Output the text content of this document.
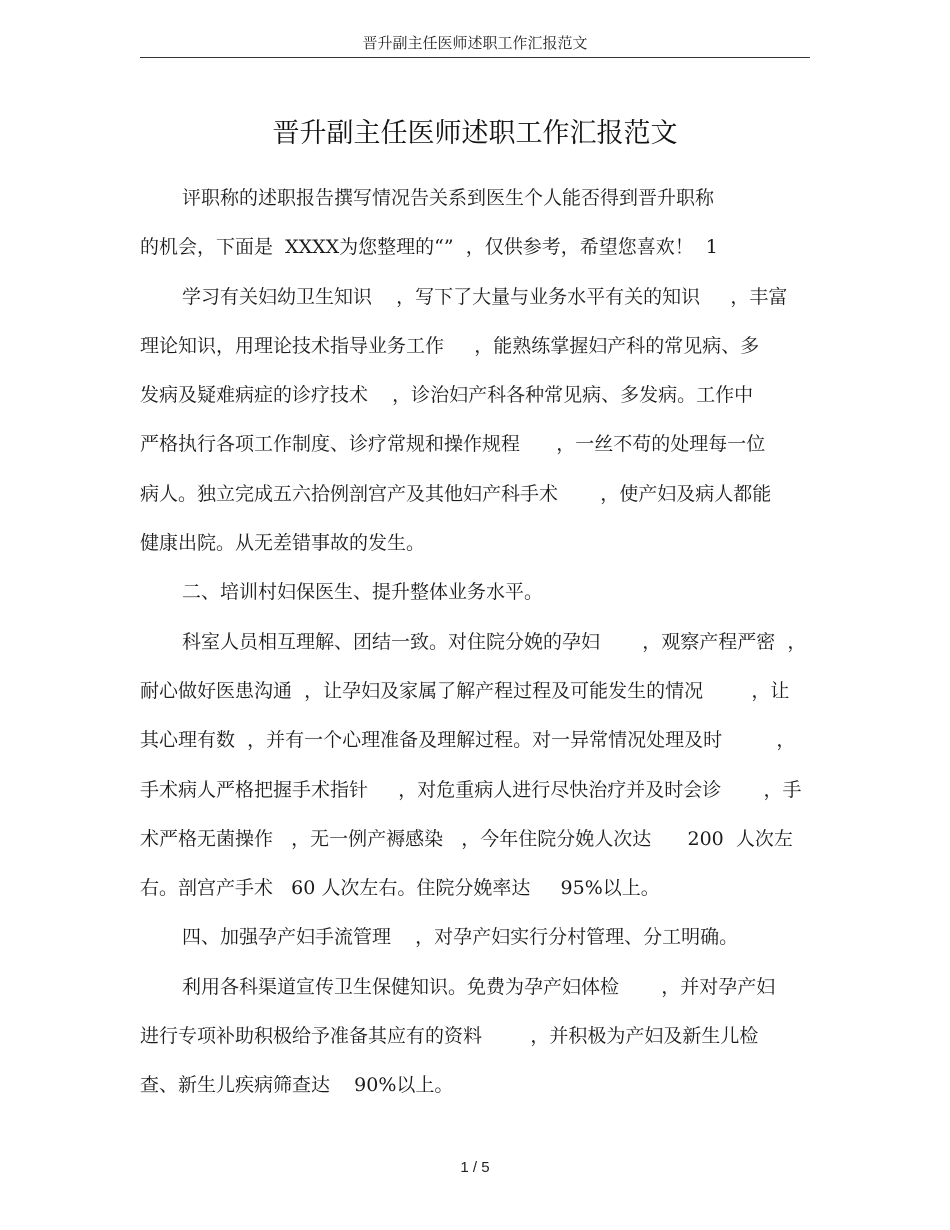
晋升副主任医师述职工作汇报范文
晋升副主任医师述职工作汇报范文
评职称的述职报告撰写情况告关系到医生个人能否得到晋升职称
的机会，下面是  XXXX为您整理的“”  ，仅供参考，希望您喜欢！  1
学习有关妇幼卫生知识    ，写下了大量与业务水平有关的知识     ，丰富
理论知识，用理论技术指导业务工作     ，能熟练掌握妇产科的常见病、多
发病及疑难病症的诊疗技术    ，诊治妇产科各种常见病、多发病。工作中
严格执行各项工作制度、诊疗常规和操作规程      ，一丝不苟的处理每一位
病人。独立完成五六拾例剖宫产及其他妇产科手术       ，使产妇及病人都能
健康出院。从无差错事故的发生。
二、培训村妇保医生、提升整体业务水平。
科室人员相互理解、团结一致。对住院分娩的孕妇       ，观察产程严密  ，
耐心做好医患沟通  ，让孕妇及家属了解产程过程及可能发生的情况        ，让
其心理有数  ，并有一个心理准备及理解过程。对一异常情况处理及时         ，
手术病人严格把握手术指针     ，对危重病人进行尽快治疗并及时会诊       ，手
术严格无菌操作   ，无一例产褥感染   ，今年住院分娩人次达      200  人次左
右。剖宫产手术   60 人次左右。住院分娩率达     95%以上。
四、加强孕产妇手流管理    ，对孕产妇实行分村管理、分工明确。
利用各科渠道宣传卫生保健知识。免费为孕产妇体检       ，并对孕产妇
进行专项补助积极给予准备其应有的资料        ，并积极为产妇及新生儿检
查、新生儿疾病筛查达    90%以上。
1 / 5
